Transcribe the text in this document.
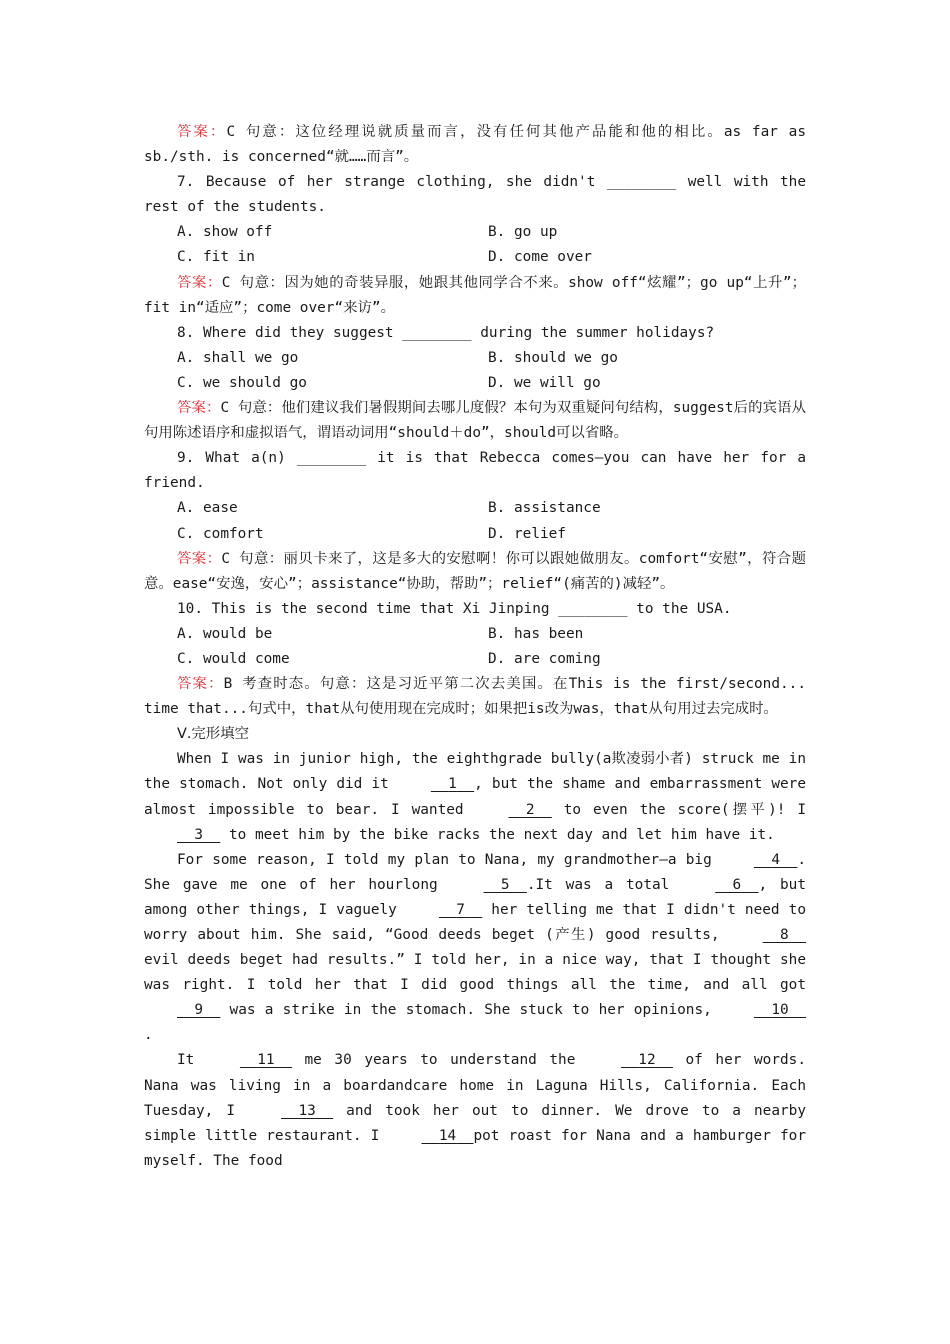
答案：C 句意：这位经理说就质量而言，没有任何其他产品能和他的相比。as far as sb./sth. is concerned“就……而言”。

7. Because of her strange clothing, she didn't ________ well with the rest of the students.

A. show off	B. go up
C. fit in	D. come over

答案：C 句意：因为她的奇装异服，她跟其他同学合不来。show off“炫耀”；go up“上升”；fit in“适应”；come over“来访”。

8. Where did they suggest ________ during the summer holidays?

A. shall we go	B. should we go
C. we should go	D. we will go

答案：C 句意：他们建议我们暑假期间去哪儿度假？本句为双重疑问句结构，suggest后的宾语从句用陈述语序和虚拟语气，谓语动词用“should＋do”，should可以省略。

9. What a(n) ________ it is that Rebecca comes—you can have her for a friend.

A. ease	B. assistance
C. comfort	D. relief

答案：C 句意：丽贝卡来了，这是多大的安慰啊！你可以跟她做朋友。comfort“安慰”，符合题意。ease“安逸，安心”；assistance“协助，帮助”；relief“(痛苦的)减轻”。

10. This is the second time that Xi Jinping ________ to the USA.

A. would be	B. has been
C. would come	D. are coming

答案：B 考查时态。句意：这是习近平第二次去美国。在This is the first/second... time that...句式中，that从句使用现在完成时；如果把is改为was，that从句用过去完成时。

Ⅴ.完形填空

When I was in junior high, the eighthgrade bully(a欺凌弱小者) struck me in the stomach. Not only did it	1 , but the shame and embarrassment were almost impossible to bear. I wanted	2   to even the score(摆平)! I   3   to meet him by the bike racks the next day and let him have it.

For some reason, I told my plan to Nana, my grandmother—a big	4 . She gave me one of her hourlong	5 .It was a total	6 , but among other things, I vaguely	7   her telling me that I didn't need to worry about him. She said, “Good deeds beget (产生) good results,	8   evil deeds beget had results.” I told her, in a nice way, that I thought she was right. I told her that I did good things all the time, and all got   9   was a strike in the stomach. She stuck to her opinions,	10  .

It	11   me 30 years to understand the	12   of her words. Nana was living in a boardandcare home in Laguna Hills, California. Each Tuesday, I	13   and took her out to dinner. We drove to a nearby simple little restaurant. I	14 pot roast for Nana and a hamburger for myself. The food
